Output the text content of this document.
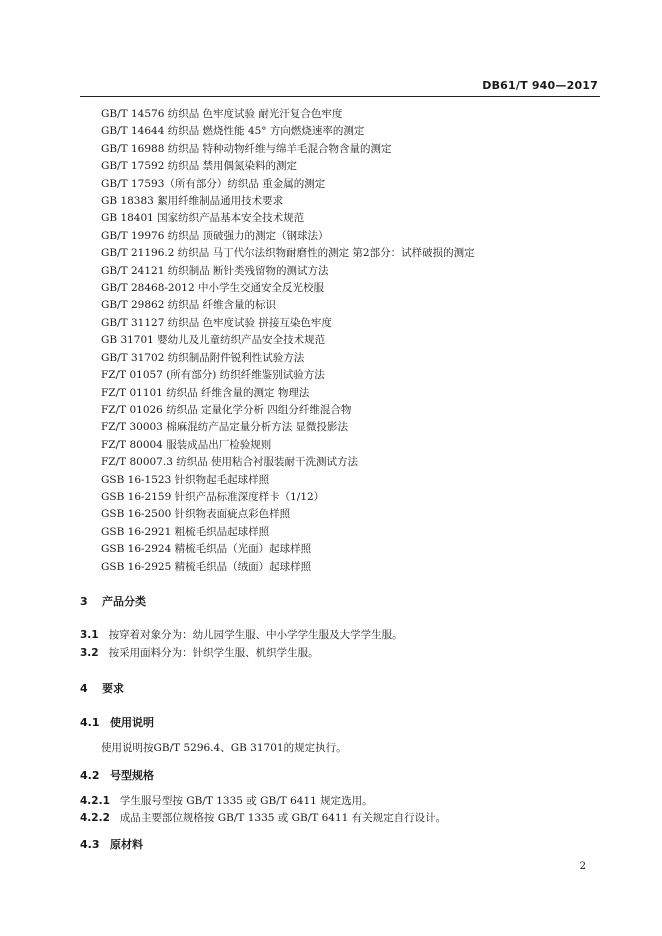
DB61/T 940—2017
GB/T 14576 纺织品 色牢度试验 耐光汗复合色牢度
GB/T 14644 纺织品 燃烧性能 45° 方向燃烧速率的测定
GB/T 16988 纺织品 特种动物纤维与绵羊毛混合物含量的测定
GB/T 17592 纺织品 禁用偶氮染料的测定
GB/T 17593（所有部分）纺织品 重金属的测定
GB 18383 絮用纤维制品通用技术要求
GB 18401 国家纺织产品基本安全技术规范
GB/T 19976 纺织品 顶破强力的测定（钢球法）
GB/T 21196.2 纺织品 马丁代尔法织物耐磨性的测定 第2部分：试样破损的测定
GB/T 24121 纺织制品 断针类残留物的测试方法
GB/T 28468-2012 中小学生交通安全反光校服
GB/T 29862 纺织品 纤维含量的标识
GB/T 31127 纺织品 色牢度试验 拼接互染色牢度
GB 31701 婴幼儿及儿童纺织产品安全技术规范
GB/T 31702 纺织制品附件锐利性试验方法
FZ/T 01057 (所有部分) 纺织纤维鉴别试验方法
FZ/T 01101 纺织品 纤维含量的测定 物理法
FZ/T 01026 纺织品 定量化学分析 四组分纤维混合物
FZ/T 30003 棉麻混纺产品定量分析方法 显微投影法
FZ/T 80004 服装成品出厂检验规则
FZ/T 80007.3 纺织品 使用粘合衬服装耐干洗测试方法
GSB 16-1523 针织物起毛起球样照
GSB 16-2159 针织产品标准深度样卡（1/12）
GSB 16-2500 针织物表面疵点彩色样照
GSB 16-2921 粗梳毛织品起球样照
GSB 16-2924 精梳毛织品（光面）起球样照
GSB 16-2925 精梳毛织品（绒面）起球样照
3 产品分类
3.1 按穿着对象分为：幼儿园学生服、中小学学生服及大学学生服。
3.2 按采用面料分为：针织学生服、机织学生服。
4 要求
4.1 使用说明
使用说明按GB/T 5296.4、GB 31701的规定执行。
4.2 号型规格
4.2.1 学生服号型按 GB/T 1335 或 GB/T 6411 规定选用。
4.2.2 成品主要部位规格按 GB/T 1335 或 GB/T 6411 有关规定自行设计。
4.3 原材料
2
